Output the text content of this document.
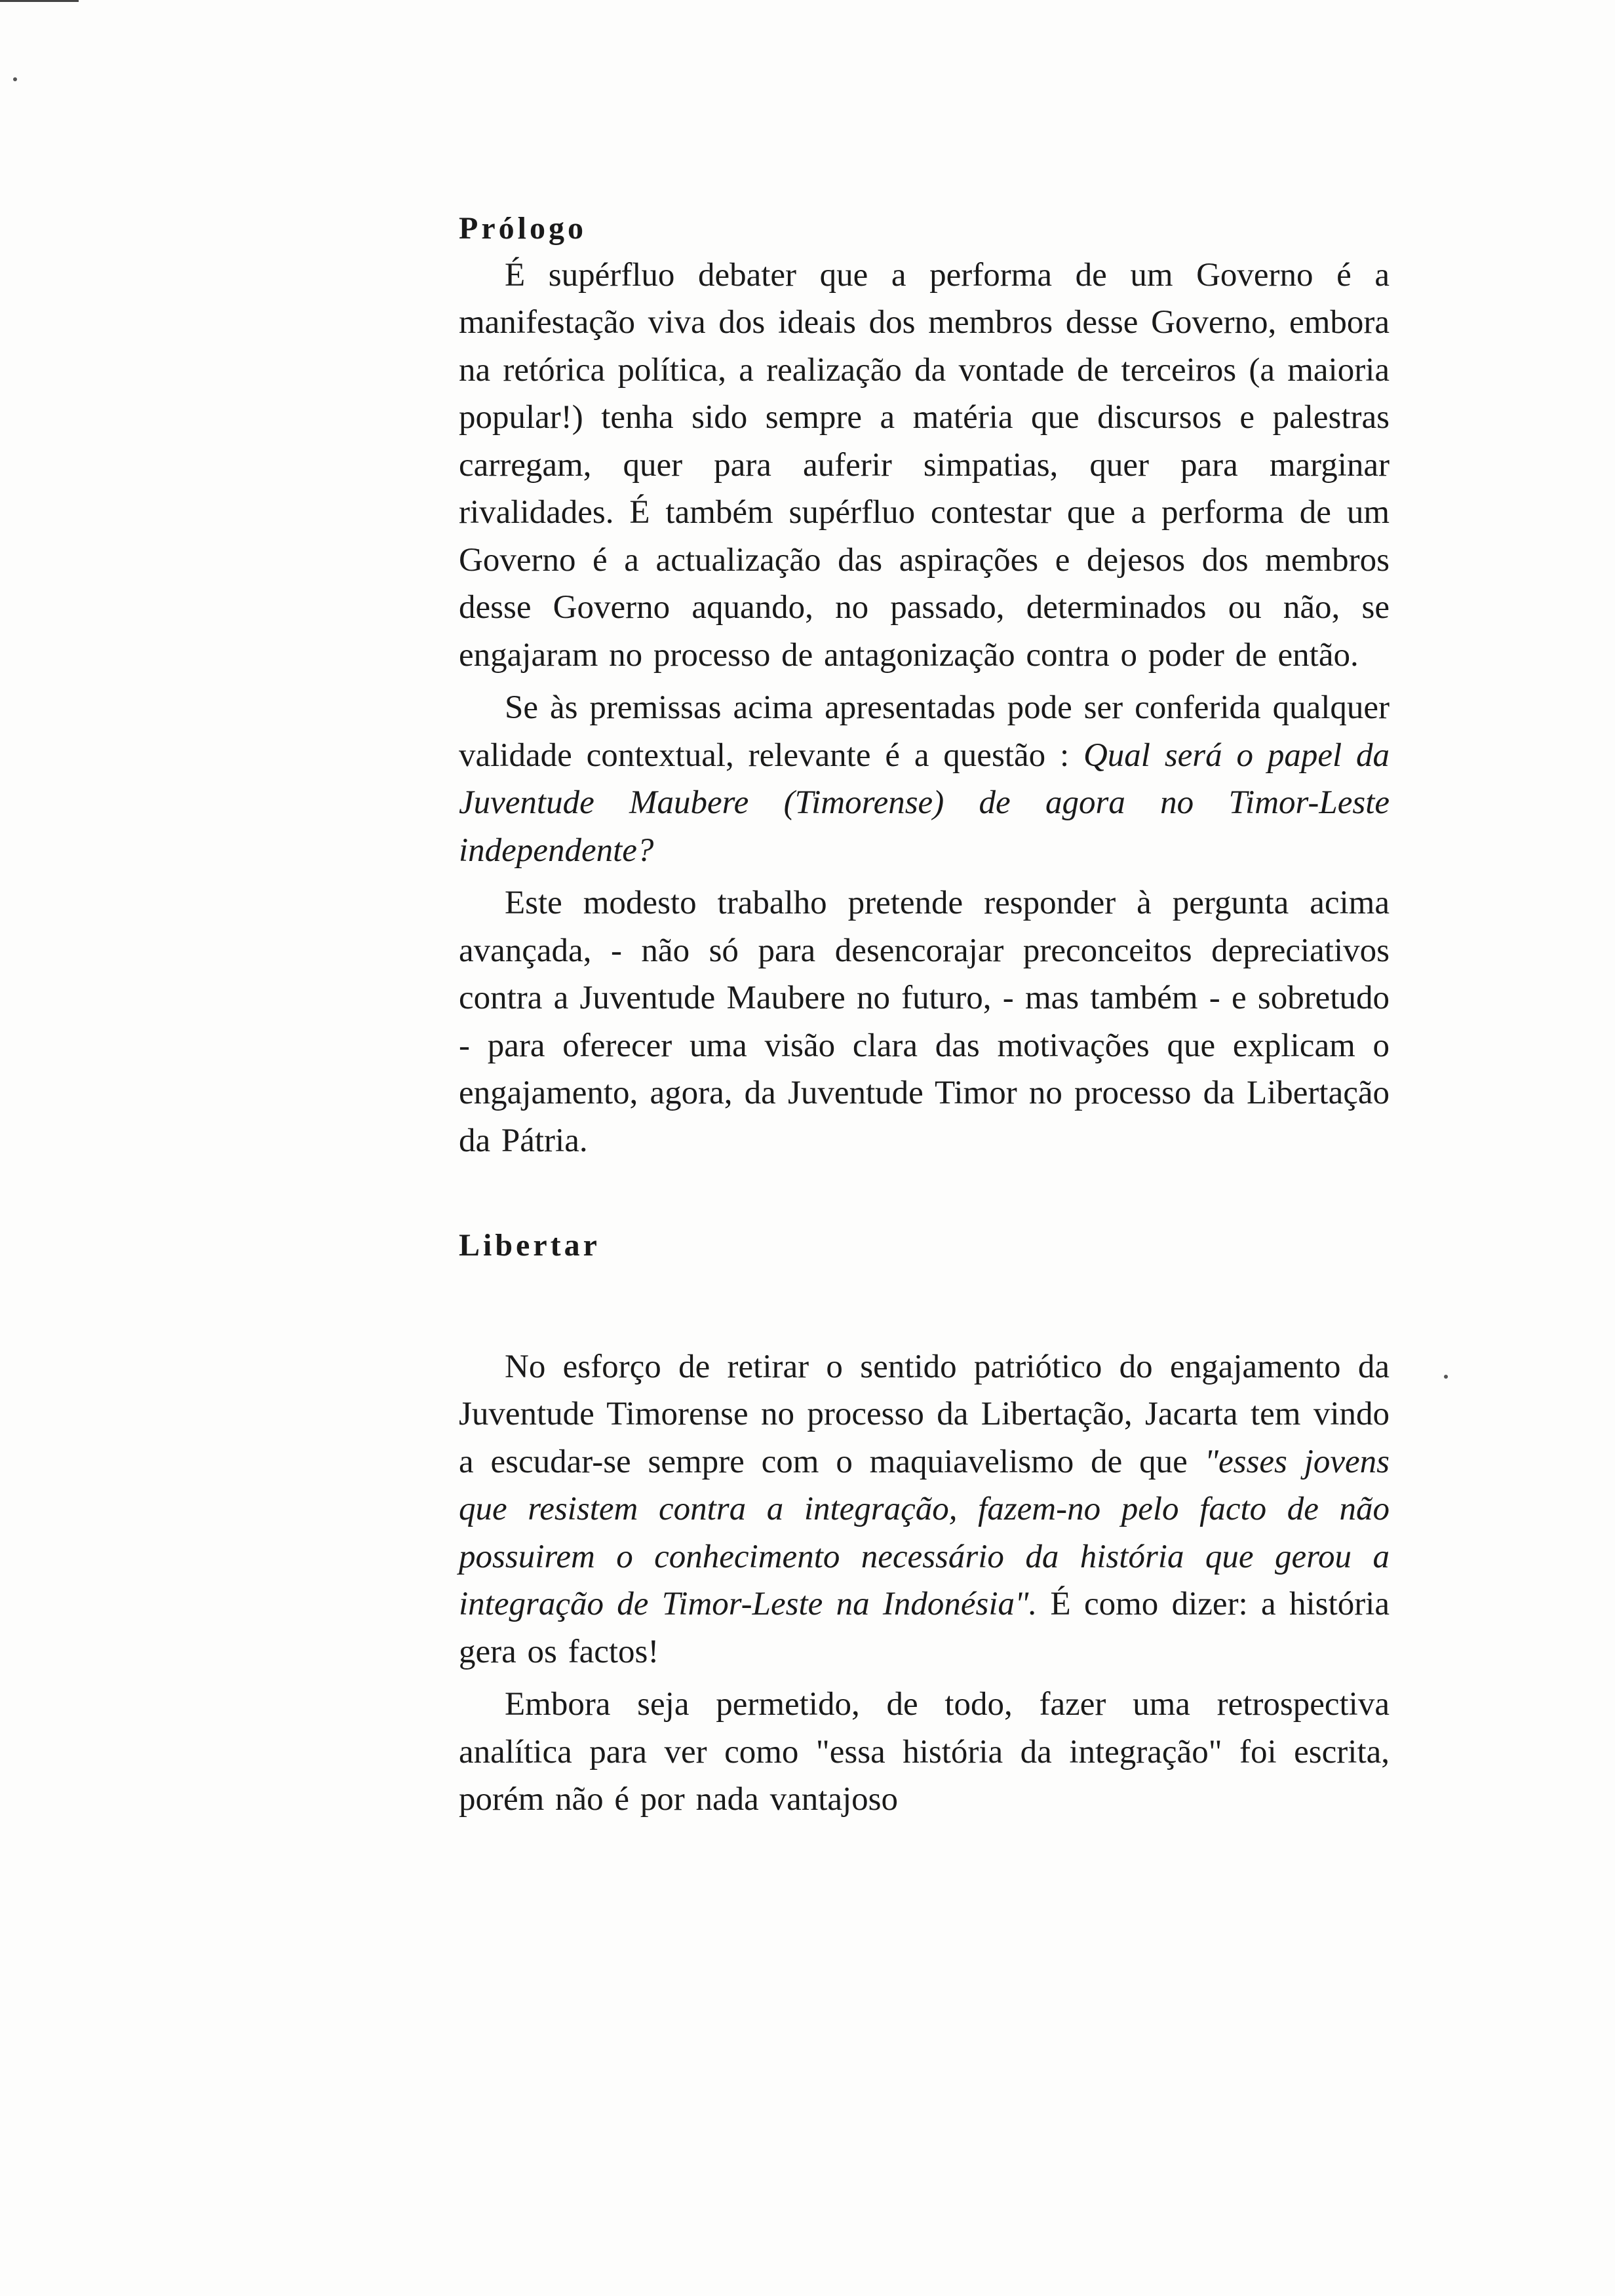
Prólogo

É supérfluo debater que a performa de um Governo é a manifestação viva dos ideais dos membros desse Governo, embora na retórica política, a realização da vontade de terceiros (a maioria popular!) tenha sido sempre a matéria que discursos e palestras carregam, quer para auferir simpatias, quer para marginar rivalidades. É também supérfluo contestar que a performa de um Governo é a actualização das aspirações e dejesos dos membros desse Governo aquando, no passado, determinados ou não, se engajaram no processo de antagonização contra o poder de então.

Se às premissas acima apresentadas pode ser conferida qualquer validade contextual, relevante é a questão : Qual será o papel da Juventude Maubere (Timorense) de agora no Timor-Leste independente?

Este modesto trabalho pretende responder à pergunta acima avançada, - não só para desencorajar preconceitos depreciativos contra a Juventude Maubere no futuro, - mas também - e sobretudo - para oferecer uma visão clara das motivações que explicam o engajamento, agora, da Juventude Timor no processo da Libertação da Pátria.

Libertar

No esforço de retirar o sentido patriótico do engajamento da Juventude Timorense no processo da Libertação, Jacarta tem vindo a escudar-se sempre com o maquiavelismo de que "esses jovens que resistem contra a integração, fazem-no pelo facto de não possuirem o conhecimento necessário da história que gerou a integração de Timor-Leste na Indonésia". É como dizer: a história gera os factos!

Embora seja permetido, de todo, fazer uma retrospectiva analítica para ver como "essa história da integração" foi escrita, porém não é por nada vantajoso
